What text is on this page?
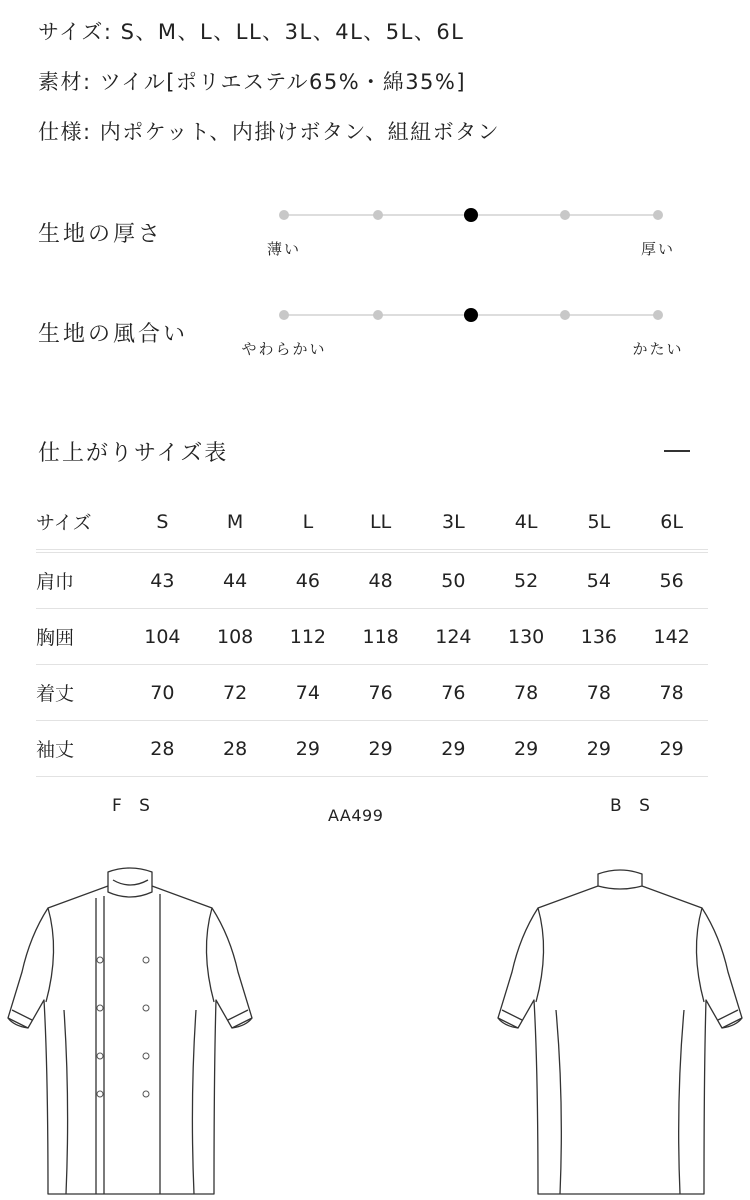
サイズ: S、M、L、LL、3L、4L、5L、6L
素材: ツイル[ポリエステル65%・綿35%]
仕様: 内ポケット、内掛けボタン、組紐ボタン
生地の厚さ
薄い	厚い
生地の風合い
やわらかい	かたい
仕上がりサイズ表
サイズ	S	M	L	LL	3L	4L	5L	6L
肩巾	43	44	46	48	50	52	54	56
胸囲	104	108	112	118	124	130	136	142
着丈	70	72	74	76	76	78	78	78
袖丈	28	28	29	29	29	29	29	29
F S	AA499	B S
